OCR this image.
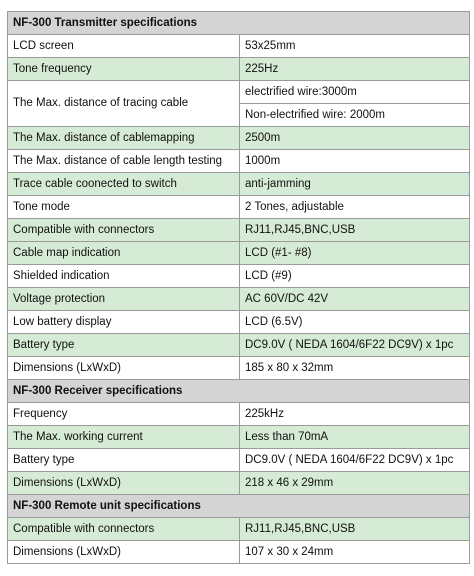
NF-300 Transmitter specifications	
LCD screen	53x25mm
Tone frequency	225Hz
The Max. distance of tracing cable	electrified wire:3000m
	Non-electrified wire: 2000m
The Max. distance of cablemapping	2500m
The Max. distance of cable length testing	1000m
Trace cable coonected to switch	anti-jamming
Tone mode	2 Tones, adjustable
Compatible with connectors	RJ11,RJ45,BNC,USB
Cable map indication	LCD (#1- #8)
Shielded indication	LCD (#9)
Voltage protection	AC 60V/DC 42V
Low battery display	LCD (6.5V)
Battery type	DC9.0V ( NEDA 1604/6F22 DC9V) x 1pc
Dimensions (LxWxD)	185 x 80 x 32mm
NF-300 Receiver specifications	
Frequency	225kHz
The Max. working current	Less than 70mA
Battery type	DC9.0V ( NEDA 1604/6F22 DC9V) x 1pc
Dimensions (LxWxD)	218 x 46 x 29mm
NF-300 Remote unit specifications	
Compatible with connectors	RJ11,RJ45,BNC,USB
Dimensions (LxWxD)	107 x 30 x 24mm
